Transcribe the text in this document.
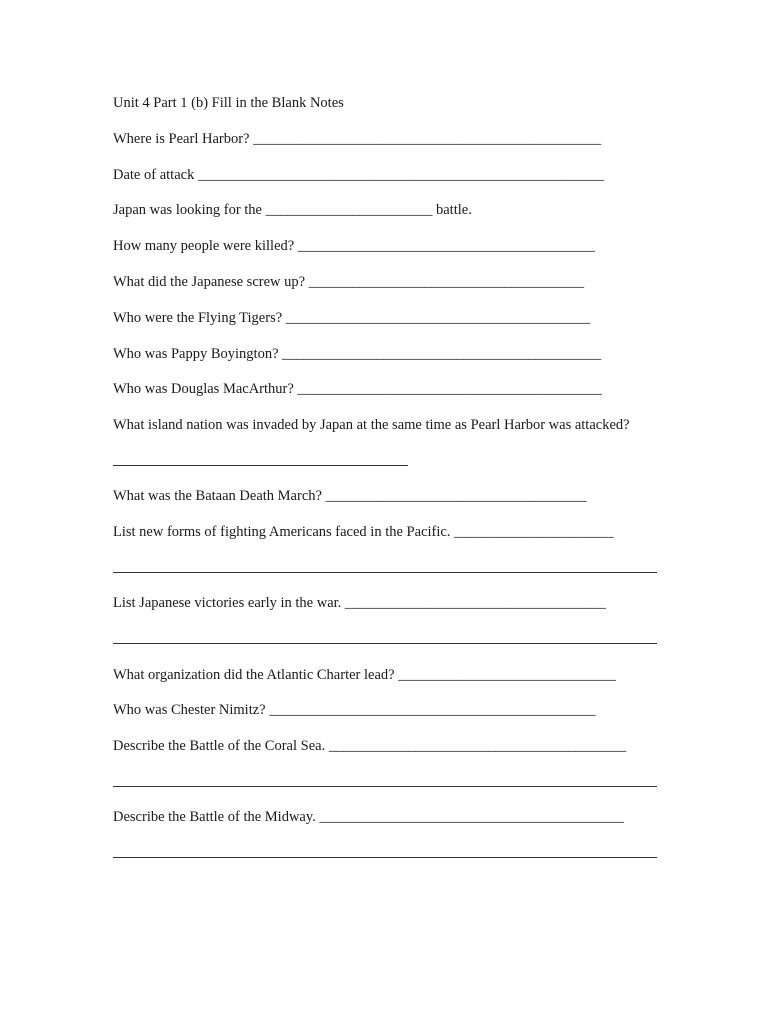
Unit 4 Part 1 (b) Fill in the Blank Notes
Where is Pearl Harbor? ________________________________________________
Date of attack ________________________________________________________
Japan was looking for the _______________________ battle.
How many people were killed? _________________________________________
What did the Japanese screw up? ______________________________________
Who were the Flying Tigers? __________________________________________
Who was Pappy Boyington? ____________________________________________
Who was Douglas MacArthur? __________________________________________
What island nation was invaded by Japan at the same time as Pearl Harbor was attacked?
What was the Bataan Death March? ____________________________________
List new forms of fighting Americans faced in the Pacific. ______________________
List Japanese victories early in the war. ____________________________________
What organization did the Atlantic Charter lead? ______________________________
Who was Chester Nimitz? _____________________________________________
Describe the Battle of the Coral Sea. _________________________________________
Describe the Battle of the Midway. __________________________________________
